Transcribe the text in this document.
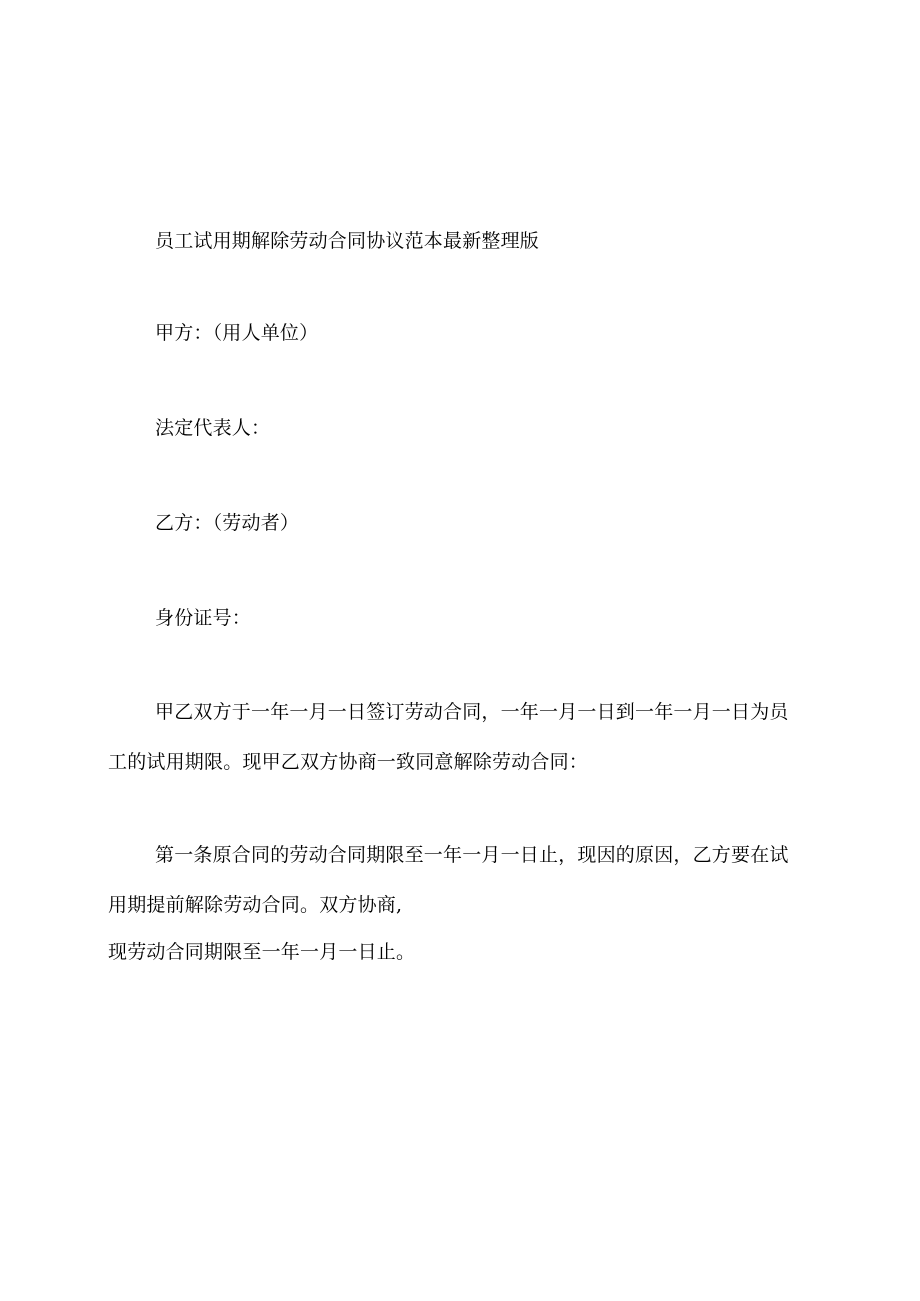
员工试用期解除劳动合同协议范本最新整理版
甲方：（用人单位）
法定代表人：
乙方：（劳动者）
身份证号：
甲乙双方于一年一月一日签订劳动合同，一年一月一日到一年一月一日为员
工的试用期限。现甲乙双方协商一致同意解除劳动合同：
第一条原合同的劳动合同期限至一年一月一日止，现因的原因，乙方要在试
用期提前解除劳动合同。双方协商,
现劳动合同期限至一年一月一日止。
